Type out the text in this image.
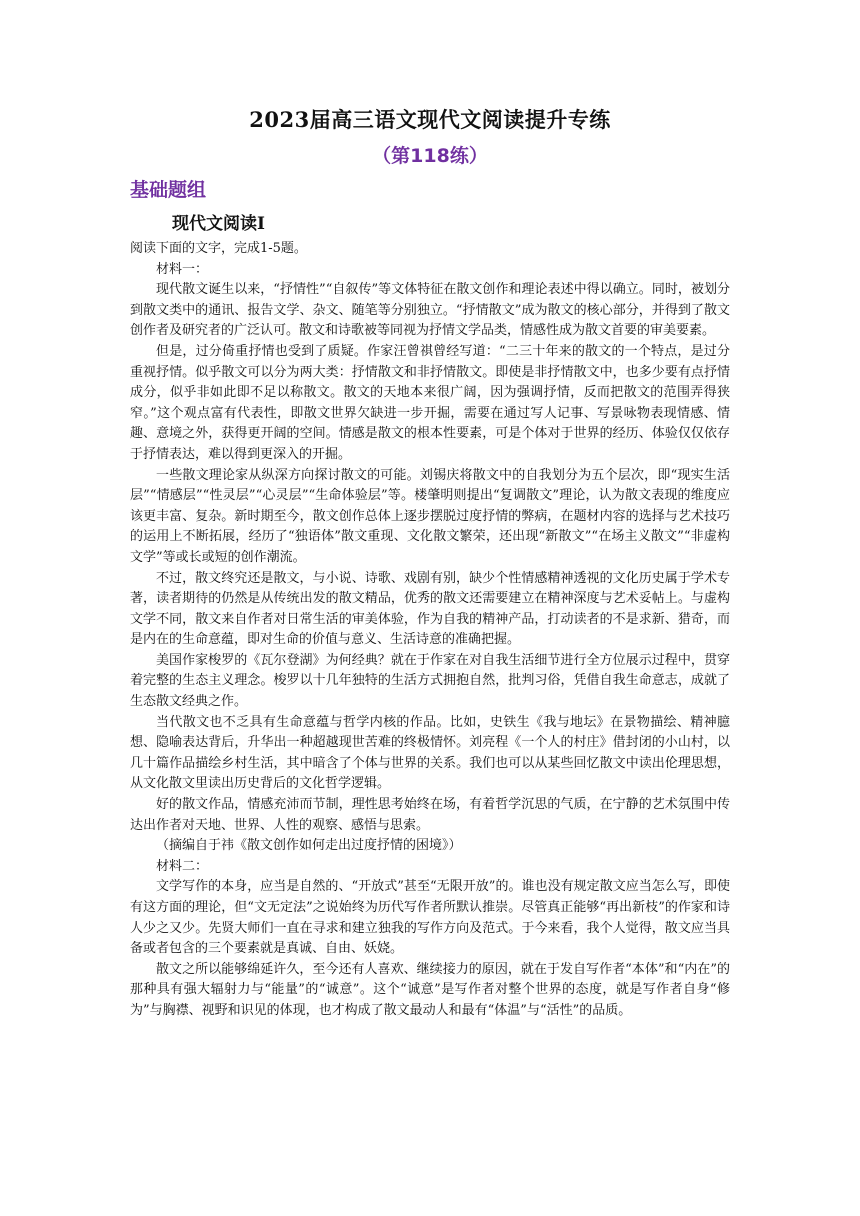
2023届高三语文现代文阅读提升专练
（第118练）
基础题组
现代文阅读Ⅰ

阅读下面的文字，完成1-5题。

材料一：

现代散文诞生以来，“抒情性”“自叙传”等文体特征在散文创作和理论表述中得以确立。同时，被划分到散文类中的通讯、报告文学、杂文、随笔等分别独立。“抒情散文”成为散文的核心部分，并得到了散文创作者及研究者的广泛认可。散文和诗歌被等同视为抒情文学品类，情感性成为散文首要的审美要素。

但是，过分倚重抒情也受到了质疑。作家汪曾祺曾经写道：“二三十年来的散文的一个特点，是过分重视抒情。似乎散文可以分为两大类：抒情散文和非抒情散文。即使是非抒情散文中，也多少要有点抒情成分，似乎非如此即不足以称散文。散文的天地本来很广阔，因为强调抒情，反而把散文的范围弄得狭窄。”这个观点富有代表性，即散文世界欠缺进一步开掘，需要在通过写人记事、写景咏物表现情感、情趣、意境之外，获得更开阔的空间。情感是散文的根本性要素，可是个体对于世界的经历、体验仅仅依存于抒情表达，难以得到更深入的开掘。

一些散文理论家从纵深方向探讨散文的可能。刘锡庆将散文中的自我划分为五个层次，即“现实生活层”“情感层”“性灵层”“心灵层”“生命体验层”等。楼肇明则提出“复调散文”理论，认为散文表现的维度应该更丰富、复杂。新时期至今，散文创作总体上逐步摆脱过度抒情的弊病，在题材内容的选择与艺术技巧的运用上不断拓展，经历了“独语体”散文重现、文化散文繁荣，还出现“新散文”“在场主义散文”“非虚构文学”等或长或短的创作潮流。

不过，散文终究还是散文，与小说、诗歌、戏剧有别，缺少个性情感精神透视的文化历史属于学术专著，读者期待的仍然是从传统出发的散文精品，优秀的散文还需要建立在精神深度与艺术妥帖上。与虚构文学不同，散文来自作者对日常生活的审美体验，作为自我的精神产品，打动读者的不是求新、猎奇，而是内在的生命意蕴，即对生命的价值与意义、生活诗意的准确把握。

美国作家梭罗的《瓦尔登湖》为何经典？就在于作家在对自我生活细节进行全方位展示过程中，贯穿着完整的生态主义理念。梭罗以十几年独特的生活方式拥抱自然，批判习俗，凭借自我生命意志，成就了生态散文经典之作。

当代散文也不乏具有生命意蕴与哲学内核的作品。比如，史铁生《我与地坛》在景物描绘、精神臆想、隐喻表达背后，升华出一种超越现世苦难的终极情怀。刘亮程《一个人的村庄》借封闭的小山村，以几十篇作品描绘乡村生活，其中暗含了个体与世界的关系。我们也可以从某些回忆散文中读出伦理思想，从文化散文里读出历史背后的文化哲学逻辑。

好的散文作品，情感充沛而节制，理性思考始终在场，有着哲学沉思的气质，在宁静的艺术氛围中传达出作者对天地、世界、人性的观察、感悟与思索。

（摘编自于祎《散文创作如何走出过度抒情的困境》）

材料二：

文学写作的本身，应当是自然的、“开放式”甚至“无限开放”的。谁也没有规定散文应当怎么写，即使有这方面的理论，但“文无定法”之说始终为历代写作者所默认推崇。尽管真正能够“再出新枝”的作家和诗人少之又少。先贤大师们一直在寻求和建立独我的写作方向及范式。于今来看，我个人觉得，散文应当具备或者包含的三个要素就是真诚、自由、妖娆。

散文之所以能够绵延许久，至今还有人喜欢、继续接力的原因，就在于发自写作者“本体”和“内在”的那种具有强大辐射力与“能量”的“诚意”。这个“诚意”是写作者对整个世界的态度，就是写作者自身“修为”与胸襟、视野和识见的体现，也才构成了散文最动人和最有“体温”与“活性”的品质。
